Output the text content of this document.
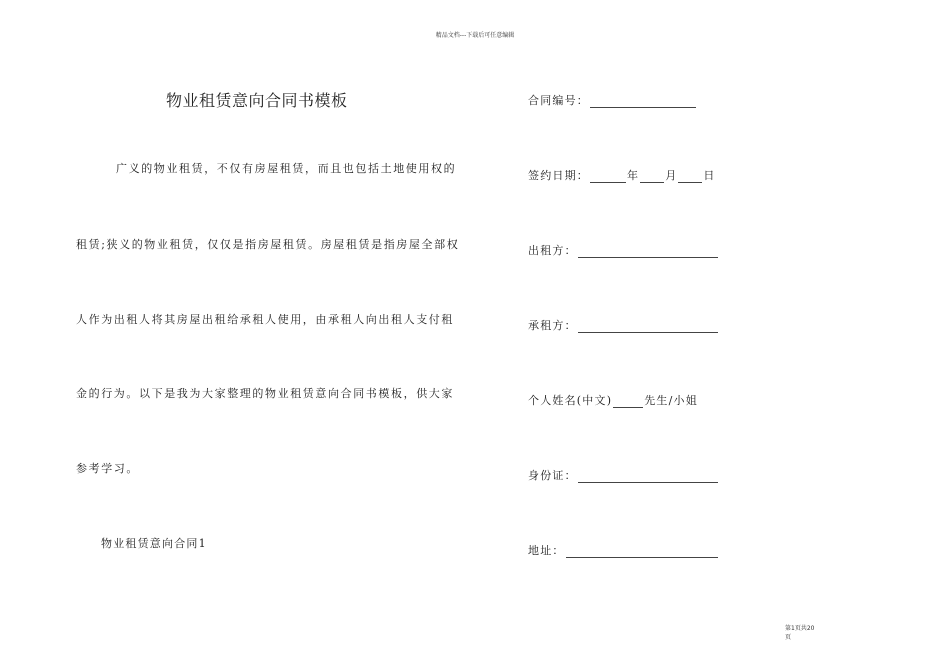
精品文档---下载后可任意编辑
物业租赁意向合同书模板
广义的物业租赁，不仅有房屋租赁，而且也包括土地使用权的
租赁;狭义的物业租赁，仅仅是指房屋租赁。房屋租赁是指房屋全部权
人作为出租人将其房屋出租给承租人使用，由承租人向出租人支付租
金的行为。以下是我为大家整理的物业租赁意向合同书模板，供大家
参考学习。
物业租赁意向合同1
合同编号：
签约日期：	年 月 日
出租方：
承租方：
个人姓名(中文)	先生/小姐
身份证：
地址：
第1页共20
页
